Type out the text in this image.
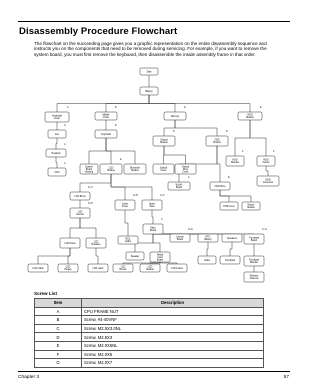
Disassembly Procedure Flowchart
The flowchart on the succeeding page gives you a graphic representation on the entire disassembly sequence and instructs you on the components that need to be removed during servicing. For example, if you want to remove the system board, you must first remove the keyboard, then disassemble the inside assembly frame in that order.
A	B	D	E
C	B
D	D
A
F	F
E
A
4x C
3x D
2x B	1x F
C
2x E	1x G
D
C
Start
Battery
Keyboard
Cover
Middle
Cover
Memory
HDD
Module
Fan	Keyboard
Optical
Module
ODD
Module
Heatsink
HDD
Bracket
HDD
Carrier
CPU
Optical
Cover
Optical
Drive
Cover
HDD
Connector
LCD
Module
System
Board
Housing
Bluetooth
Module
WLAN
Board
FDD Drive
LCD Bezel
Lower
Cover
Upper
Case
LCD
Inverter
PCB Cover
Mouse
Module
Main
Board
RJ11
Cable
LCD Panel
LCD
Brackets
Launch
Board
RTC
Battery
Speakers	Touchpad
Board
Touchpad
Bracket
Speaker
Media
Card
Board	Touchpad
LCD Cable
LCD
Hinges
LCD Latch
LCD
Bezels
LCD
Module
LCD Frame
Wireless
Antenna
Cable
Screw List
Item	Description
A	CPU FRAME NUT
B	Screw, #4-40VNF
C	Screw, M2.5X3.0NL
D	Screw, M2.5X3
E	Screw, M2.0X5NL
F	Screw, M2.0X5
G	Screw, M2.0X7
Chapter 3	57
